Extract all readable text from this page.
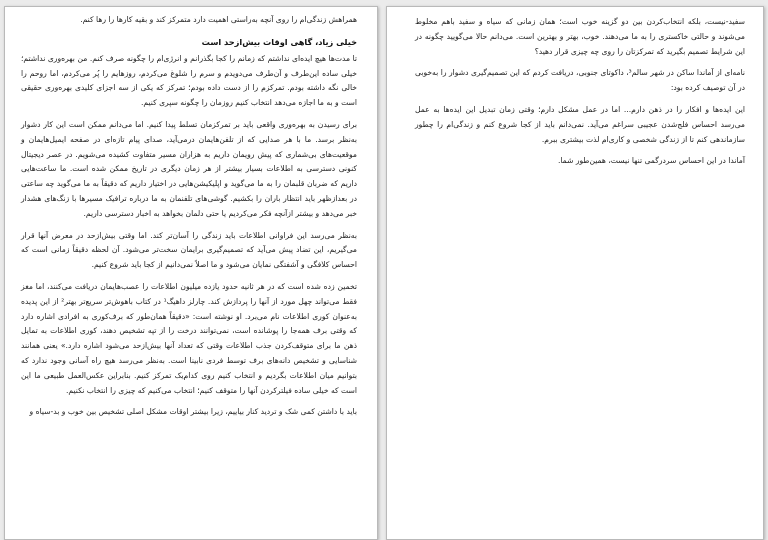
همراهش زندگی‌ام را روی آنچه به‌راستی اهمیت دارد متمرکز کند و بقیه کارها را رها کنم.

خیلی زیاد، گاهی اوقات بیش‌ازحد است

تا مدت‌ها هیچ ایده‌ای نداشتم که زمانم را کجا بگذرانم و انرژی‌ام را چگونه صرف کنم. من بهره‌وری نداشتم؛ خیلی ساده این‌طرف و آن‌طرف می‌دویدم و سرم را شلوغ می‌کردم، روزهایم را پُر می‌کردم، اما روحم را خالی نگه داشته بودم. تمرکزم را از دست داده بودم؛ تمرکز که یکی از سه اجزای کلیدی بهره‌وری حقیقی است و به ما اجازه می‌دهد انتخاب کنیم روزمان را چگونه سپری کنیم.

برای رسیدن به بهره‌وری واقعی باید بر تمرکزمان تسلط پیدا کنیم. اما می‌دانم ممکن است این کار دشوار به‌نظر برسد. ما با هر صدایی که از تلفن‌هایمان درمی‌آید، صدای پیام تازه‌ای در صفحه ایمیل‌هایمان و موقعیت‌های بی‌شماری که پیش رویمان داریم به هزاران مسیر متفاوت کشیده می‌شویم. در عصر دیجیتال کنونی دسترسی به اطلاعات بسیار بیشتر از هر زمان دیگری در تاریخ ممکن شده است. ما ساعت‌هایی داریم که ضربان قلبمان را به ما می‌گوید و اپلیکیشن‌هایی در اختیار داریم که دقیقاً به ما می‌گوید چه ساعتی در بعدازظهر باید انتظار باران را بکشیم. گوشی‌های تلفنمان به ما درباره ترافیک مسیرها با زنگ‌های هشدار خبر می‌دهد و بیشتر ازآنچه فکر می‌کردیم یا حتی دلمان بخواهد به اخبار دسترسی داریم.

به‌نظر می‌رسد این فراوانی اطلاعات باید زندگی را آسان‌تر کند. اما وقتی بیش‌ازحد در معرض آنها قرار می‌گیریم، این تضاد پیش می‌آید که تصمیم‌گیری برایمان سخت‌تر می‌شود. آن لحظه دقیقاً زمانی است که احساس کلافگی و آشفتگی نمایان می‌شود و ما اصلاً نمی‌دانیم از کجا باید شروع کنیم.

تخمین زده شده است که در هر ثانیه حدود یازده میلیون اطلاعات را عصب‌هایمان دریافت می‌کنند، اما مغز فقط می‌تواند چهل مورد از آنها را پردازش کند. چارلز داهیگ¹ در کتاب باهوش‌تر سریع‌تر بهتر² از این پدیده به‌عنوان کوری اطلاعات نام می‌برد. او نوشته است: «دقیقاً همان‌طور که برف‌کوری به افرادی اشاره دارد که وقتی برف همه‌جا را پوشانده است، نمی‌توانند درخت را از تپه تشخیص دهند، کوری اطلاعات به تمایل ذهن ما برای متوقف‌کردن جذب اطلاعات وقتی که تعداد آنها بیش‌ازحد می‌شود اشاره دارد.» یعنی همانند شناسایی و تشخیص دانه‌های برف توسط فردی نابینا است. به‌نظر می‌رسد هیچ راه آسانی وجود ندارد که بتوانیم میان اطلاعات بگردیم و انتخاب کنیم روی کدام‌یک تمرکز کنیم. بنابراین عکس‌العمل طبیعی ما این است که خیلی ساده فیلترکردن آنها را متوقف کنیم؛ انتخاب می‌کنیم که چیزی را انتخاب نکنیم.

باید با داشتن کمی شک و تردید کنار بیاییم، زیرا بیشتر اوقات مشکل اصلی تشخیص بین خوب و بد-سیاه و

سفید-نیست، بلکه انتخاب‌کردن بین دو گزینه خوب است؛ همان زمانی که سیاه و سفید باهم مخلوط می‌شوند و حالتی خاکستری را به ما می‌دهند. خوب، بهتر و بهترین است. می‌دانم حالا می‌گویید چگونه در این شرایط تصمیم بگیرید که تمرکزتان را روی چه چیزی قرار دهید؟

نامه‌ای از آماندا ساکن در شهر سالم³، داکوتای جنوبی، دریافت کردم که این تصمیم‌گیری دشوار را به‌خوبی در آن توصیف کرده بود:

این ایده‌ها و افکار را در ذهن دارم... اما در عمل مشکل دارم؛ وقتی زمان تبدیل این ایده‌ها به عمل می‌رسد احساس فلج‌شدن عجیبی سراغم می‌آید. نمی‌دانم باید از کجا شروع کنم و زندگی‌ام را چطور سازماندهی کنم تا از زندگی شخصی و کاری‌ام لذت بیشتری ببرم.

آماندا در این احساس سردرگمی تنها نیست، همین‌طور شما.
